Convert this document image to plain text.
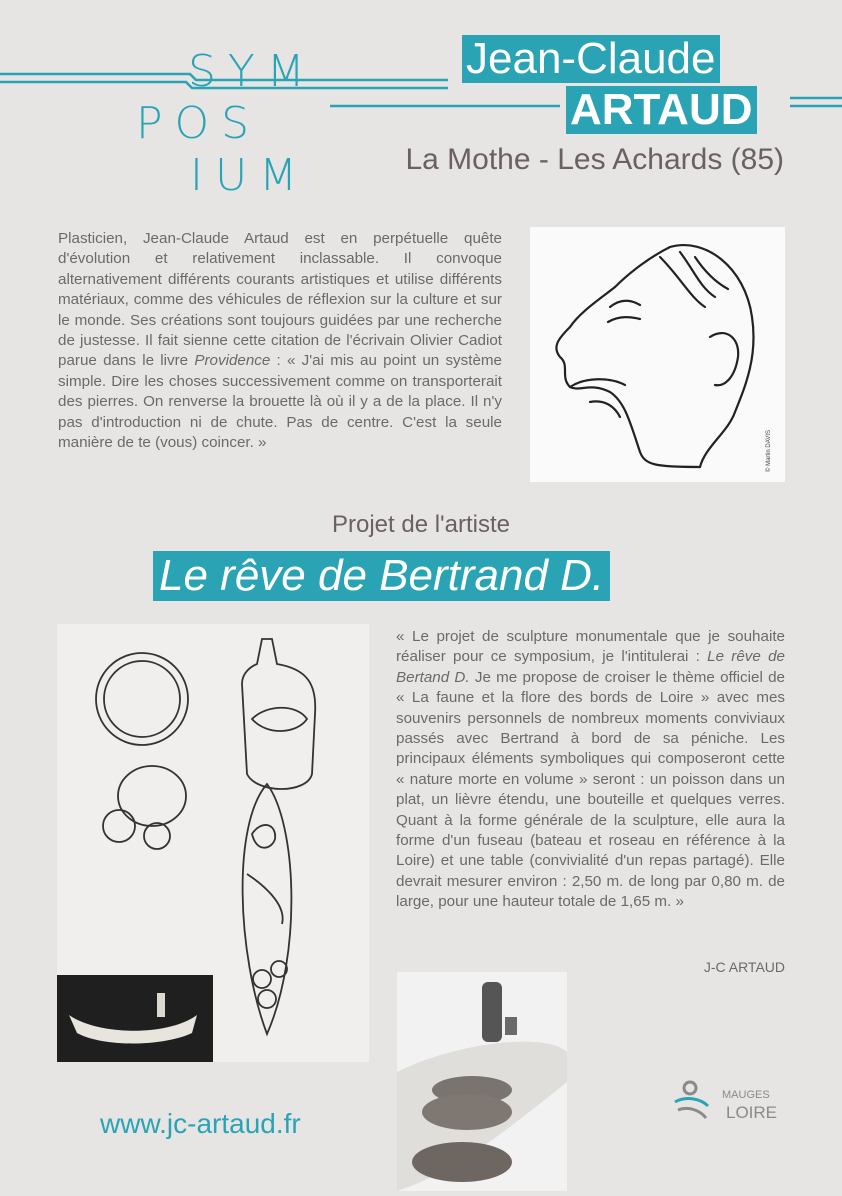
SYM
POS
IUM
Jean-Claude
ARTAUD
La Mothe - Les Achards (85)
Plasticien, Jean-Claude Artaud est en perpétuelle quête d'évolution et relativement inclassable. Il convoque alternativement différents courants artistiques et utilise différents matériaux, comme des véhicules de réflexion sur la culture et sur le monde. Ses créations sont toujours guidées par une recherche de justesse. Il fait sienne cette citation de l'écrivain Olivier Cadiot parue dans le livre Providence : « J'ai mis au point un système simple. Dire les choses successivement comme on transporterait des pierres. On renverse la brouette là où il y a de la place. Il n'y pas d'introduction ni de chute. Pas de centre. C'est la seule manière de te (vous) coincer. »	© Martin DAVIS
Projet de l'artiste
Le rêve de Bertrand D.
« Le projet de sculpture monumentale que je souhaite réaliser pour ce symposium, je l'intitulerai : Le rêve de Bertand D. Je me propose de croiser le thème officiel de « La faune et la flore des bords de Loire » avec mes souvenirs personnels de nombreux moments conviviaux passés avec Bertrand à bord de sa péniche. Les principaux éléments symboliques qui composeront cette « nature morte en volume » seront : un poisson dans un plat, un lièvre étendu, une bouteille et quelques verres. Quant à la forme générale de la sculpture, elle aura la forme d'un fuseau (bateau et roseau en référence à la Loire) et une table (convivialité d'un repas partagé). Elle devrait mesurer environ : 2,50 m. de long par 0,80 m. de large, pour une hauteur totale de 1,65 m. »
J-C ARTAUD
www.jc-artaud.fr
MAUGES
LOIRE
